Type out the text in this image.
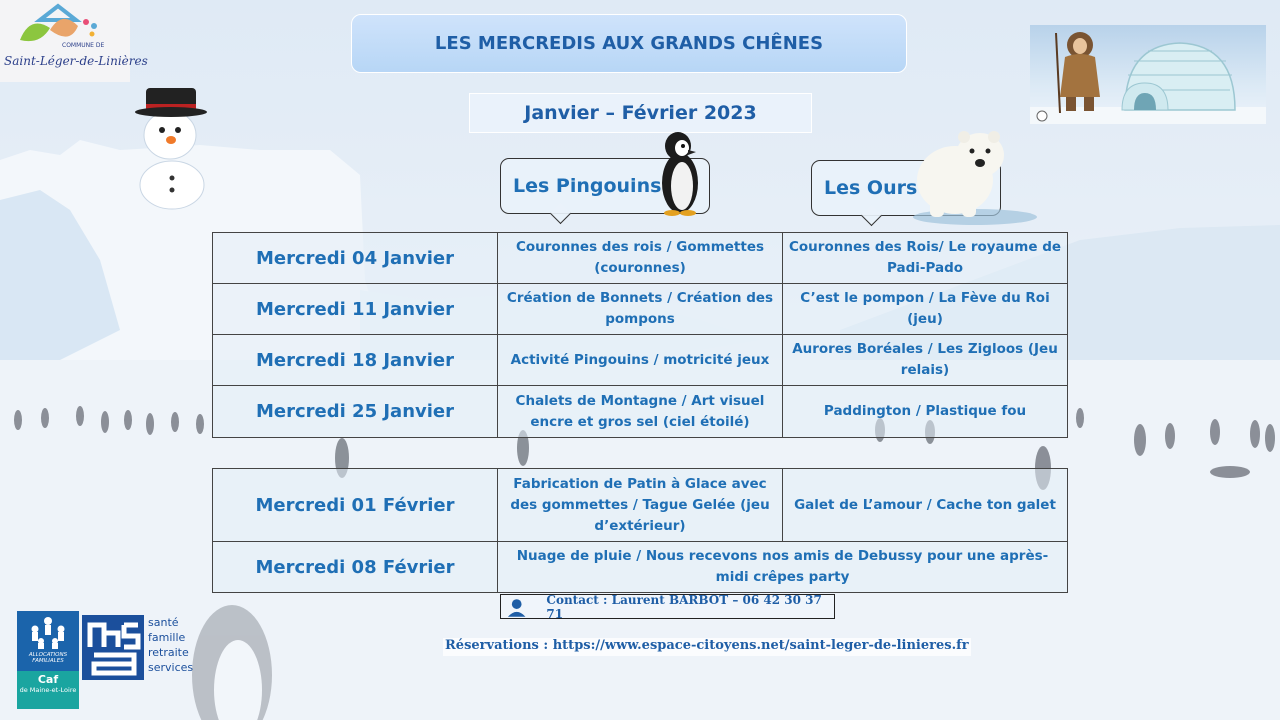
COMMUNE DE
Saint-Léger-de-Linières
LES MERCREDIS AUX GRANDS CHÊNES
Janvier – Février 2023
Les Pingouins	Les Ours
Mercredi 04 Janvier	Couronnes des rois / Gommettes (couronnes)	Couronnes des Rois/ Le royaume de Padi-Pado
Mercredi 11 Janvier	Création de Bonnets / Création des pompons	C’est le pompon / La Fève du Roi (jeu)
Mercredi 18 Janvier	Activité Pingouins / motricité jeux	Aurores Boréales / Les Zigloos (Jeu relais)
Mercredi 25 Janvier	Chalets de Montagne / Art visuel encre et gros sel (ciel étoilé)	Paddington / Plastique fou
Mercredi 01 Février	Fabrication de Patin à Glace avec des gommettes / Tague Gelée (jeu d’extérieur)	Galet de L’amour / Cache ton galet
Mercredi 08 Février	Nuage de pluie / Nous recevons nos amis de Debussy pour une après-midi crêpes party	
Contact : Laurent BARBOT – 06 42 30 37 71
Réservations : https://www.espace-citoyens.net/saint-leger-de-linieres.fr
ALLOCATIONS FAMILIALES
Caf
de Maine-et-Loire
santé
famille
retraite
services
